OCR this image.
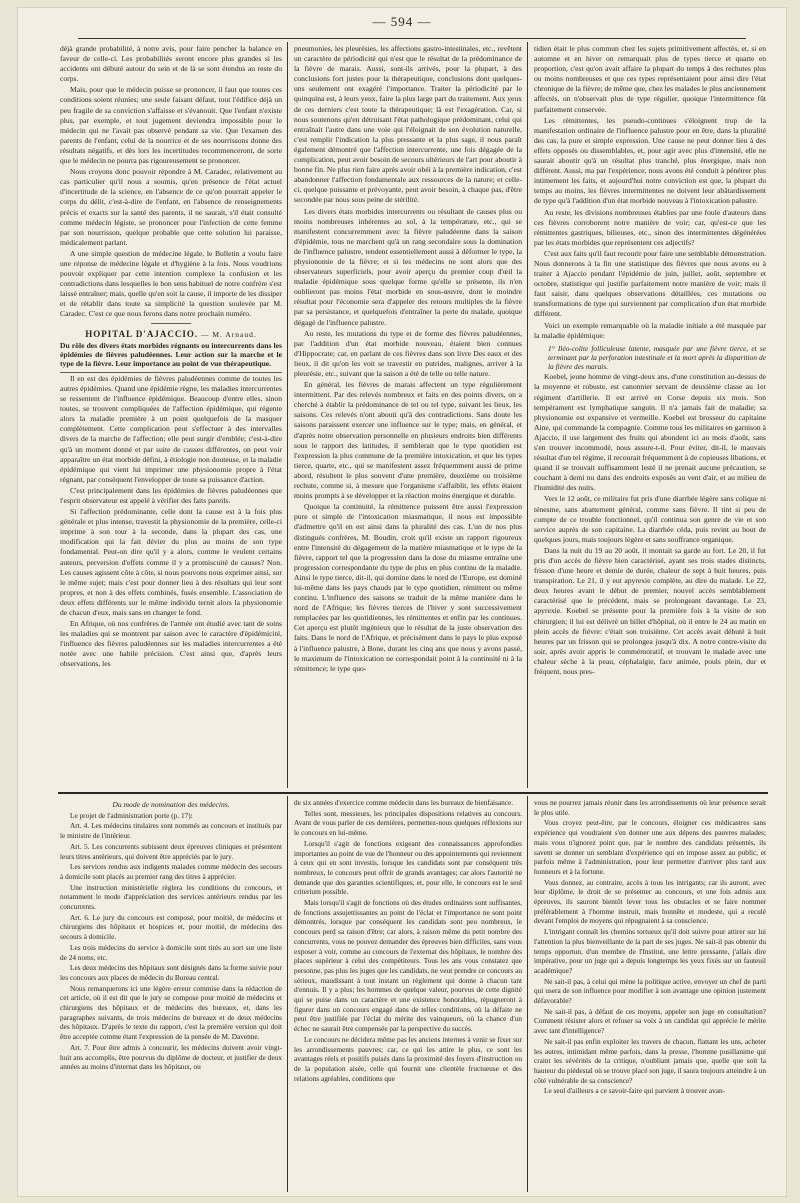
— 594 —

déjà grande probabilité, à notre avis, pour faire pencher la balance en faveur de celle-ci. Les probabilités seront encore plus grandes si les accidents ont débuté autour du sein et de là se sont étendus au reste du corps.

Mais, pour que le médecin puisse se prononcer, il faut que toutes ces conditions soient réunies; une seule faisant défaut, tout l'édifice déjà un peu fragile de sa conviction s'affaisse et s'évanouit. Que l'enfant n'existe plus, par exemple, et tout jugement deviendra impossible pour le médecin qui ne l'avait pas observé pendant sa vie. Que l'examen des parents de l'enfant, celui de la nourrice et de ses nourrissons donne des résultats négatifs, et dès lors les incertitudes recommenceront, de sorte que le médecin ne pourra pas rigoureusement se prononcer.

Nous croyons donc pouvoir répondre à M. Caradec, relativement au cas particulier qu'il nous a soumis, qu'en présence de l'état actuel d'incertitude de la science, en l'absence de ce qu'on pourrait appeler le corps du délit, c'est-à-dire de l'enfant, en l'absence de renseignements précis et exacts sur la santé des parents, il ne saurait, s'il était consulté comme médecin légiste, se prononcer pour l'infection de cette femme par son nourrisson, quelque probable que cette solution lui paraisse, médicalement parlant.

A une simple question de médecine légale, le Bulletin a voulu faire une réponse de médecine légale et d'hygiène à la fois. Nous voudrions pouvoir expliquer par cette intention complexe la confusion et les contradictions dans lesquelles le bon sens habituel de notre confrère s'est laissé entraîner; mais, quelle qu'en soit la cause, il importe de les dissiper et de rétablir dans toute sa simplicité la question soulevée par M. Caradec. C'est ce que nous ferons dans notre prochain numéro.

HOPITAL D'AJACCIO. — M. Arnaud.

Du rôle des divers états morbides régnants ou intercurrents dans les épidémies de fièvres paludéennes. Leur action sur la marche et le type de la fièvre. Leur importance au point de vue thérapeutique.

Il en est des épidémies de fièvres paludéennes comme de toutes les autres épidémies. Quand une épidémie règne, les maladies intercurrentes se ressentent de l'influence épidémique. Beaucoup d'entre elles, sinon toutes, se trouvent compliquées de l'affection épidémique, qui régente alors la maladie première à un point quelquefois de la masquer complètement. Cette complication peut s'effectuer à des intervalles divers de la marche de l'affection; elle peut surgir d'emblée; c'est-à-dire qu'à un moment donné et par suite de causes différentes, on peut voir apparaître un état morbide défini, à étiologie non douteuse, et la maladie épidémique qui vient lui imprimer une physionomie propre à l'état régnant, par conséquent l'envelopper de toute sa puissance d'action.

C'est principalement dans les épidémies de fièvres paludéennes que l'esprit observateur est appelé à vérifier des faits pareils.

Si l'affection prédominante, celle dont la cause est à la fois plus générale et plus intense, travestit la physionomie de la première, celle-ci imprime à son tour à la seconde, dans la plupart des cas, une modification qui la fait dévier du plus au moins de son type fondamental. Peut-on dire qu'il y a alors, comme le veulent certains auteurs, perversion d'effets comme il y a promiscuité de causes? Non. Les causes agissent côte à côte, si nous pouvons nous exprimer ainsi, sur le même sujet; mais c'est pour donner lieu à des résultats qui leur sont propres, et non à des effets combinés, fusés ensemble. L'association de deux effets différents sur le même individu ternit alors la physionomie de chacun d'eux, mais sans en changer le fond.

En Afrique, où nos confrères de l'armée ont étudié avec tant de soins les maladies qui se montrent par saison avec le caractère d'épidémicité, l'influence des fièvres paludéennes sur les maladies intercurrentes a été notée avec une habile précision. C'est ainsi que, d'après leurs observations, les

pneumonies, les pleurésies, les affections gastro-intestinales, etc., revêtent un caractère de périodicité qui n'est que le résultat de la prédominance de la fièvre de marais. Aussi, sont-ils arrivés, pour la plupart, à des conclusions fort justes pour la thérapeutique, conclusions dont quelques-uns seulement ont exagéré l'importance. Traiter la périodicité par le quinquina est, à leurs yeux, faire la plus large part du traitement. Aux yeux de ces derniers c'est toute la thérapeutique; là est l'exagération. Car, si nous soutenons qu'en détruisant l'état pathologique prédominant, celui qui entraînait l'autre dans une voie qui l'éloignait de son évolution naturelle, c'est remplir l'indication la plus pressante et la plus sage, il nous paraît également démontré que l'affection intercurrente, une fois dégagée de la complication, peut avoir besoin de secours ultérieurs de l'art pour aboutir à bonne fin. Ne plus rien faire après avoir obéi à la première indication, c'est abandonner l'affection fondamentale aux ressources de la nature; et celle-ci, quelque puissante et prévoyante, peut avoir besoin, à chaque pas, d'être secondée par nous sous peine de stérilité.

Les divers états morbides intercurrents ou résultant de causes plus ou moins nombreuses inhérentes au sol, à la température, etc., qui se manifestent concurremment avec la fièvre paludéenne dans la saison d'épidémie, tous ne marchent qu'à un rang secondaire sous la domination de l'influence palustre, tendent essentiellement aussi à déformer le type, la physionomie de la fièvre; et si les médecins ne sont alors que des observateurs superficiels, pour avoir aperçu du premier coup d'œil la maladie épidémique sous quelque forme qu'elle se présente, ils n'en oublieront pas moins l'état morbide en sous-œuvre, dont le moindre résultat pour l'économie sera d'appeler des retours multiples de la fièvre par sa persistance, et quelquefois d'entraîner la perte du malade, quoique dégagé de l'influence palustre.

Au reste, les mutations du type et de forme des fièvres paludéennes, par l'addition d'un état morbide nouveau, étaient bien connues d'Hippocrate; car, en parlant de ces fièvres dans son livre Des eaux et des lieux, il dit qu'on les voit se travestir en putrides, malignes, arriver à la pleurésie, etc., suivant que la saison a été de telle ou telle nature.

En général, les fièvres de marais affectent un type régulièrement intermittent. Par des relevés nombreux et faits en des points divers, on a cherché à établir la prédominance de tel ou tel type, suivant les lieux, les saisons. Ces relevés n'ont abouti qu'à des contradictions. Sans doute les saisons paraissent exercer une influence sur le type; mais, en général, et d'après notre observation personnelle en plusieurs endroits bien différents sous le rapport des latitudes, il semblerait que le type quotidien est l'expression la plus commune de la première intoxication, et que les types tierce, quarte, etc., qui se manifestent assez fréquemment aussi de prime abord, résultent le plus souvent d'une première, deuxième ou troisième rechute, comme si, à mesure que l'organisme s'affaiblit, les effets étaient moins prompts à se développer et la réaction moins énergique et durable.

Quoique la continuité, la rémittence puissent être aussi l'expression pure et simple de l'intoxication miasmatique, il nous est impossible d'admettre qu'il en est ainsi dans la pluralité des cas. L'un de nos plus distingués confrères, M. Boudin, croit qu'il existe un rapport rigoureux entre l'intensité du dégagement de la matière miasmatique et le type de la fièvre, rapport tel que la progression dans la dose du miasme entraîne une progression correspondante du type de plus en plus continu de la maladie. Ainsi le type tierce, dit-il, qui domine dans le nord de l'Europe, est dominé lui-même dans les pays chauds par le type quotidien, rémittent ou même continu. L'influence des saisons se traduit de la même manière dans le nord de l'Afrique; les fièvres tierces de l'hiver y sont successivement remplacées par les quotidiennes, les rémittentes et enfin par les continues. Cet aperçu est plutôt ingénieux que le résultat de la juste observation des faits. Dans le nord de l'Afrique, et précisément dans le pays le plus exposé à l'influence palustre, à Bone, durant les cinq ans que nous y avons passé, le maximum de l'intoxication ne correspondait point à la continuité ni à la rémittence; le type quo-

tidien était le plus commun chez les sujets primitivement affectés, et, si en automne et en hiver on remarquait plus de types tierce et quarte en proportion, c'est qu'on avait affaire la plupart du temps à des rechutes plus ou moins nombreuses et que ces types représentaient pour ainsi dire l'état chronique de la fièvre; de même que, chez les malades le plus anciennement affectés, on n'observait plus de type régulier, quoique l'intermittence fût parfaitement conservée.

Les rémittentes, les pseudo-continues s'éloignent trop de la manifestation ordinaire de l'influence palustre pour en être, dans la pluralité des cas, la pure et simple expression. Une cause ne peut donner lieu à des effets opposés ou dissemblables, et, pour agir avec plus d'intensité, elle ne saurait aboutir qu'à un résultat plus tranché, plus énergique, mais non différent. Aussi, ma par l'expérience, nous avons été conduit à pénétrer plus intimement les faits, et aujourd'hui notre conviction est que, la plupart du temps au moins, les fièvres intermittentes ne doivent leur abâtardissement de type qu'à l'addition d'un état morbide nouveau à l'intoxication palustre.

Au reste, les divisions nombreuses établies par une foule d'auteurs dans ces fièvres corroborent notre manière de voir; car, qu'est-ce que les rémittentes gastriques, bilieuses, etc., sinon des intermittentes dégénérées par les états morbides que représentent ces adjectifs?

C'est aux faits qu'il faut recourir pour faire une semblable démonstration. Nous donnerons à la fin une statistique des fièvres que nous avons eu à traiter à Ajaccio pendant l'épidémie de juin, juillet, août, septembre et octobre, statistique qui justifie parfaitement notre manière de voir; mais il faut saisir, dans quelques observations détaillées, ces mutations ou transformations de type qui surviennent par complication d'un état morbide différent.

Voici un exemple remarquable où la maladie initiale a été masquée par la maladie épidémique:

1° Iléo-colite folliculeuse latente, masquée par une fièvre tierce, et se terminant par la perforation intestinale et la mort après la disparition de la fièvre des marais.

Koebel, jeune homme de vingt-deux ans, d'une constitution au-dessus de la moyenne et robuste, est canonnier servant de deuxième classe au 1er régiment d'artillerie. Il est arrivé en Corse depuis six mois. Son tempérament est lymphatique sanguin. Il n'a jamais fait de maladie; sa physionomie est expansive et vermeille. Koebel est brosseur du capitaine Aine, qui commande la compagnie. Comme tous les militaires en garnison à Ajaccio, il use largement des fruits qui abondent ici au mois d'août, sans s'en trouver incommodé, nous assure-t-il. Pour éviter, dit-il, le mauvais résultat d'un tel régime, il recourait fréquemment à de copieuses libations, et quand il se trouvait suffisamment lesté il ne prenait aucune précaution, se couchant à demi nu dans des endroits exposés au vent d'air, et au milieu de l'humidité des nuits.

Vers le 12 août, ce militaire fut pris d'une diarrhée légère sans colique ni ténesme, sans abattement général, comme sans fièvre. Il tint si peu de compte de ce trouble fonctionnel, qu'il continua son genre de vie et son service auprès de son capitaine. La diarrhée céda, puis revint au bout de quelques jours, mais toujours légère et sans souffrance organique.

Dans la nuit du 19 au 20 août, il montait sa garde au fort. Le 20, il fut pris d'un accès de fièvre bien caractérisé, ayant ses trois stades distincts, frisson d'une heure et demie de durée, chaleur de sept à huit heures, puis transpiration. Le 21, il y eut apyrexie complète, au dire du malade. Le 22, deux heures avant le début de premier, nouvel accès semblablement caractérisé que le précédent, mais se prolongeant davantage. Le 23, apyrexie. Koebel se présente pour la première fois à la visite de son chirurgien; il lui est délivré un billet d'hôpital, où il entre le 24 au matin en plein accès de fièvre: c'était son troisième. Cet accès avait débuté à huit heures par un frisson qui se prolongea jusqu'à dix. A notre contre-visite du soir, après avoir appris le commémoratif, et trouvant le malade avec une chaleur sèche à la peau, céphalalgie, face animée, pouls plein, dur et fréquent, nous pres-

Du mode de nomination des médecins.

Le projet de l'administration porte (p. 17):

Art. 4. Les médecins titulaires sont nommés au concours et institués par le ministre de l'intérieur.

Art. 5. Les concurrents subissent deux épreuves cliniques et présentent leurs titres antérieurs, qui doivent être appréciés par le jury.

Les services rendus aux indigents malades comme médecin des secours à domicile sont placés au premier rang des titres à apprécier.

Une instruction ministérielle règlera les conditions du concours, et notamment le mode d'appréciation des services antérieurs rendus par les concurrents.

Art. 6. Le jury du concours est composé, pour moitié, de médecins et chirurgiens des hôpitaux et hospices et, pour moitié, de médecins des secours à domicile.

Les trois médecins du service à domicile sont tirés au sort sur une liste de 24 noms, etc.

Les deux médecins des hôpitaux sont désignés dans la forme suivie pour les concours aux places de médecin du Bureau central.

Nous remarquerons ici une légère erreur commise dans la rédaction de cet article, où il est dit que le jury se compose pour moitié de médecins et chirurgiens des hôpitaux et de médecins des bureaux, et, dans les paragraphes suivants, de trois médecins de bureaux et de deux médecins des hôpitaux. D'après le texte du rapport, c'est la première version qui doit être acceptée comme étant l'expression de la pensée de M. Davenne.

Art. 7. Pour être admis à concourir, les médecins doivent avoir vingt-huit ans accomplis, être pourvus du diplôme de docteur, et justifier de deux années au moins d'internat dans les hôpitaux, ou

de six années d'exercice comme médecin dans les bureaux de bienfaisance.

Telles sont, messieurs, les principales dispositions relatives au concours. Avant de vous parler de ces dernières, permettez-nous quelques réflexions sur le concours en lui-même.

Lorsqu'il s'agit de fonctions exigeant des connaissances approfondies importantes au point de vue de l'honneur ou des appointements qui reviennent à ceux qui en sont investis, lorsque les candidats sont par conséquent très nombreux, le concours peut offrir de grands avantages; car alors l'autorité ne demande que des garanties scientifiques, et, pour elle, le concours est le seul criterium possible.

Mais lorsqu'il s'agit de fonctions où des études ordinaires sont suffisantes, de fonctions assujettissantes au point de l'éclat et l'importance ne sont point démontrés, lorsque par conséquent les candidats sont peu nombreux, le concours perd sa raison d'être; car alors, à raison même du petit nombre des concurrents, vous ne pouvez demander des épreuves bien difficiles, sans vous exposer à voir, comme au concours de l'externat des hôpitaux, le nombre des places supérieur à celui des compétiteurs. Tous les ans vous constatez que personne, pas plus les juges que les candidats, ne veut prendre ce concours au sérieux, maudissant à tout instant un règlement qui donne à chacun tant d'ennuis. Il y a plus; les hommes de quelque valeur, pourvus de cette dignité qui se puise dans un caractère et une existence honorables, répugneront à figurer dans un concours engagé dans de telles conditions, où la défaite ne peut être justifiée par l'éclat du mérite des vainqueurs, où la chance d'un échec ne saurait être compensée par la perspective du succès.

Le concours ne décidera même pas les anciens internes à venir se fixer sur les arrondissements pauvres; car, ce qui les attire le plus, ce sont les avantages réels et positifs puisés dans la proximité des foyers d'instruction ou de la population aisée, celle qui fournit une clientèle fructueuse et des relations agréables, conditions que

vous ne pourrez jamais réunir dans les arrondissements où leur présence serait le plus utile.

Vous croyez peut-être, par le concours, éloigner ces médicastres sans expérience qui voudraient s'en donner une aux dépens des pauvres malades; mais vous n'ignorez point que, par le nombre des candidats présentés, ils savent se donner un semblant d'expérience qui en impose assez au public, et parfois même à l'administration, pour leur permettre d'arriver plus tard aux honneurs et à la fortune.

Vous donnez, au contraire, accès à tous les intrigants; car ils auront, avec leur diplôme, le droit de se présenter au concours, et une fois admis aux épreuves, ils sauront bientôt lever tous les obstacles et se faire nommer préférablement à l'homme instruit, mais honnête et modeste, qui a reculé devant l'emploi de moyens qui répugnaient à sa conscience.

L'intrigant connaît les chemins tortueux qu'il doit suivre pour attirer sur lui l'attention la plus bienveillante de la part de ses juges. Ne sait-il pas obtenir du temps opportun, d'un membre de l'Institut, une lettre pressante, j'allais dire impérative, pour un juge qui a depuis longtemps les yeux fixés sur un fauteuil académique?

Ne sait-il pas, à celui qui mène la politique active, envoyer un chef de parti qui usera de son influence pour modifier à son avantage une opinion justement défavorable?

Ne sait-il pas, à défaut de ces moyens, appeler son juge en consultation? Comment résister alors et refuser sa voix à un candidat qui apprécie le mérite avec tant d'intelligence?

Ne sait-il pas enfin exploiter les travers de chacun, flattant les uns, acheter les autres, intimidant même parfois, dans la presse, l'homme pusillanime qui craint les sévérités de la critique, n'oubliant jamais que, quelle que soit la hauteur du piédestal où se trouve placé son juge, il saura toujours atteindre à un côté vulnérable de sa conscience?

Le seul d'ailleurs a ce savoir-faire qui parvient à trouver avan-
